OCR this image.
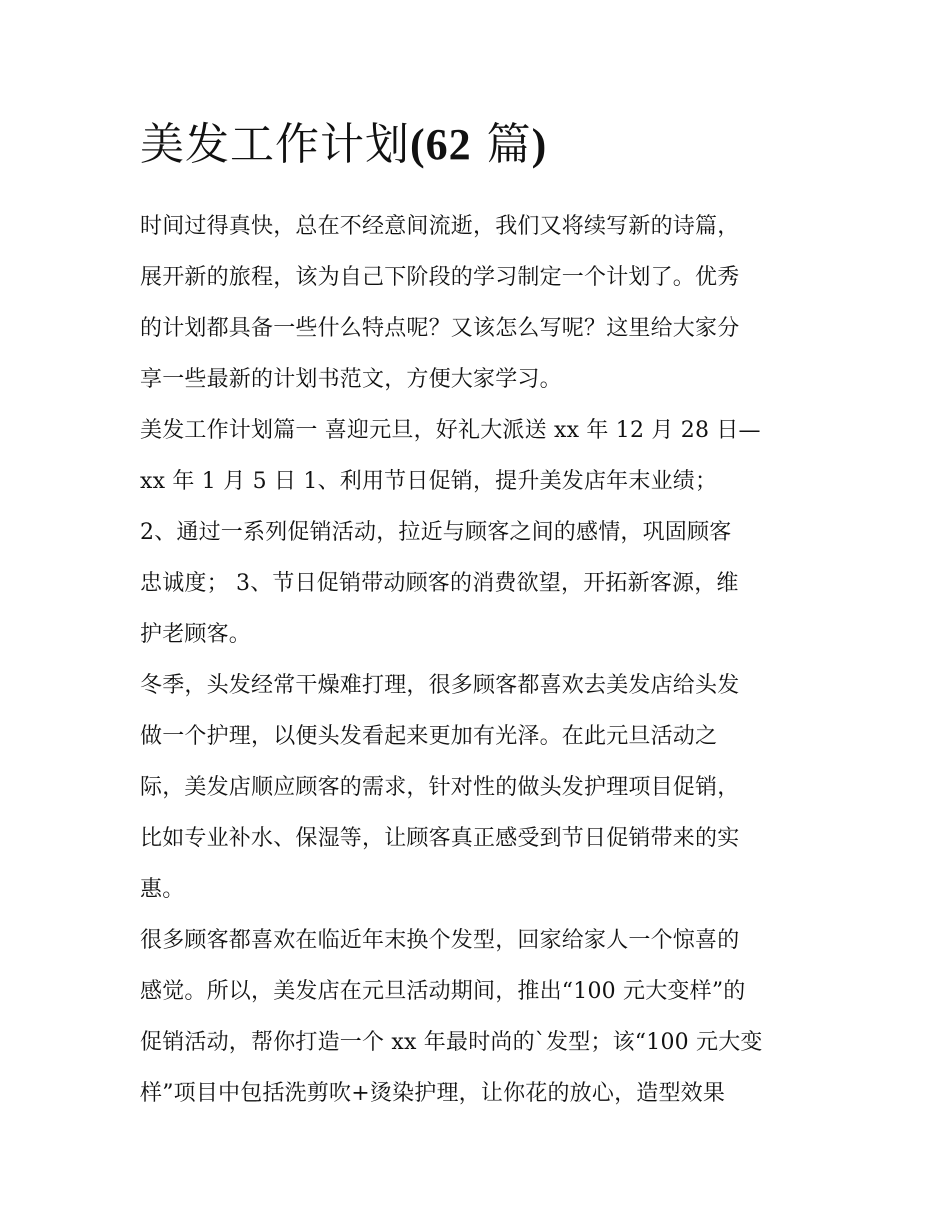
美发工作计划(62 篇)

时间过得真快，总在不经意间流逝，我们又将续写新的诗篇，
展开新的旅程，该为自己下阶段的学习制定一个计划了。优秀
的计划都具备一些什么特点呢？又该怎么写呢？这里给大家分
享一些最新的计划书范文，方便大家学习。

美发工作计划篇一 喜迎元旦，好礼大派送 xx 年 12 月 28 日—
xx 年 1 月 5 日 1、利用节日促销，提升美发店年末业绩；

2、通过一系列促销活动，拉近与顾客之间的感情，巩固顾客
忠诚度； 3、节日促销带动顾客的消费欲望，开拓新客源，维
护老顾客。

冬季，头发经常干燥难打理，很多顾客都喜欢去美发店给头发
做一个护理，以便头发看起来更加有光泽。在此元旦活动之
际，美发店顺应顾客的需求，针对性的做头发护理项目促销，
比如专业补水、保湿等，让顾客真正感受到节日促销带来的实
惠。

很多顾客都喜欢在临近年末换个发型，回家给家人一个惊喜的
感觉。所以，美发店在元旦活动期间，推出“100 元大变样”的
促销活动，帮你打造一个 xx 年最时尚的`发型；该“100 元大变
样”项目中包括洗剪吹+烫染护理，让你花的放心，造型效果
